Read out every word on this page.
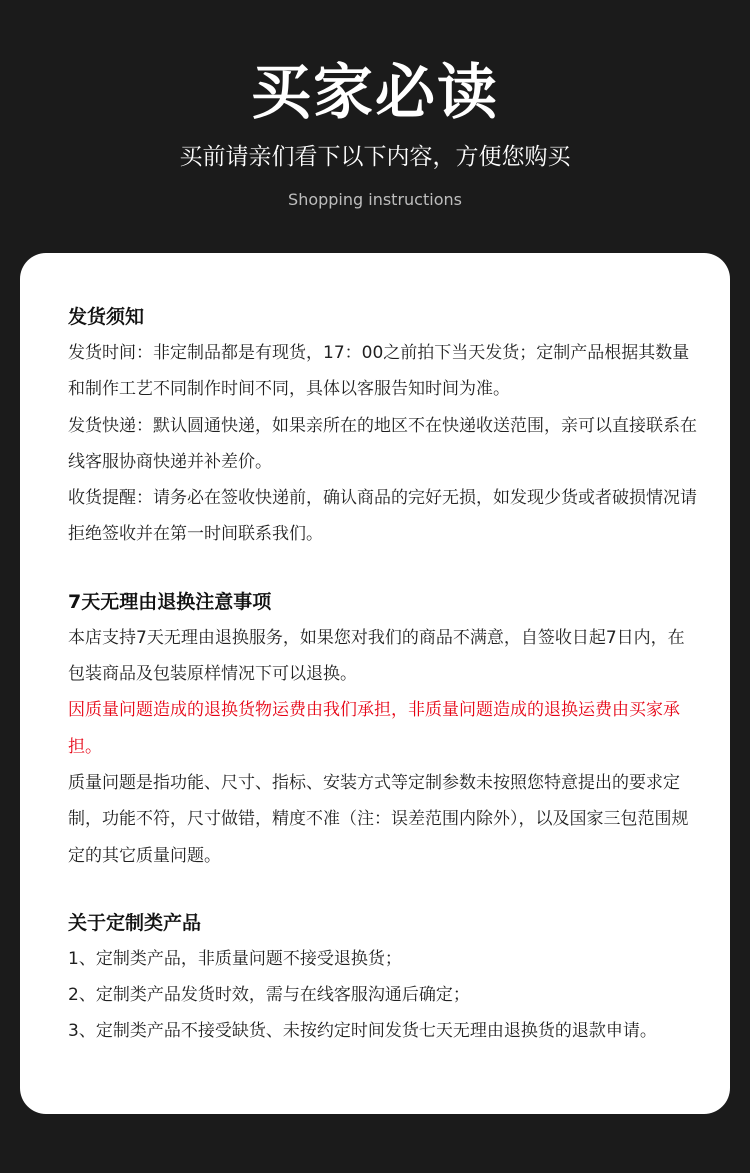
买家必读
买前请亲们看下以下内容，方便您购买
Shopping instructions

发货须知

发货时间：非定制品都是有现货，17：00之前拍下当天发货；定制产品根据其数量和制作工艺不同制作时间不同，具体以客服告知时间为准。

发货快递：默认圆通快递，如果亲所在的地区不在快递收送范围，亲可以直接联系在线客服协商快递并补差价。

收货提醒：请务必在签收快递前，确认商品的完好无损，如发现少货或者破损情况请拒绝签收并在第一时间联系我们。

7天无理由退换注意事项

本店支持7天无理由退换服务，如果您对我们的商品不满意，自签收日起7日内，在包装商品及包装原样情况下可以退换。

因质量问题造成的退换货物运费由我们承担，非质量问题造成的退换运费由买家承担。

质量问题是指功能、尺寸、指标、安装方式等定制参数未按照您特意提出的要求定制，功能不符，尺寸做错，精度不准（注：误差范围内除外），以及国家三包范围规定的其它质量问题。

关于定制类产品

1、定制类产品，非质量问题不接受退换货；

2、定制类产品发货时效，需与在线客服沟通后确定；

3、定制类产品不接受缺货、未按约定时间发货七天无理由退换货的退款申请。
